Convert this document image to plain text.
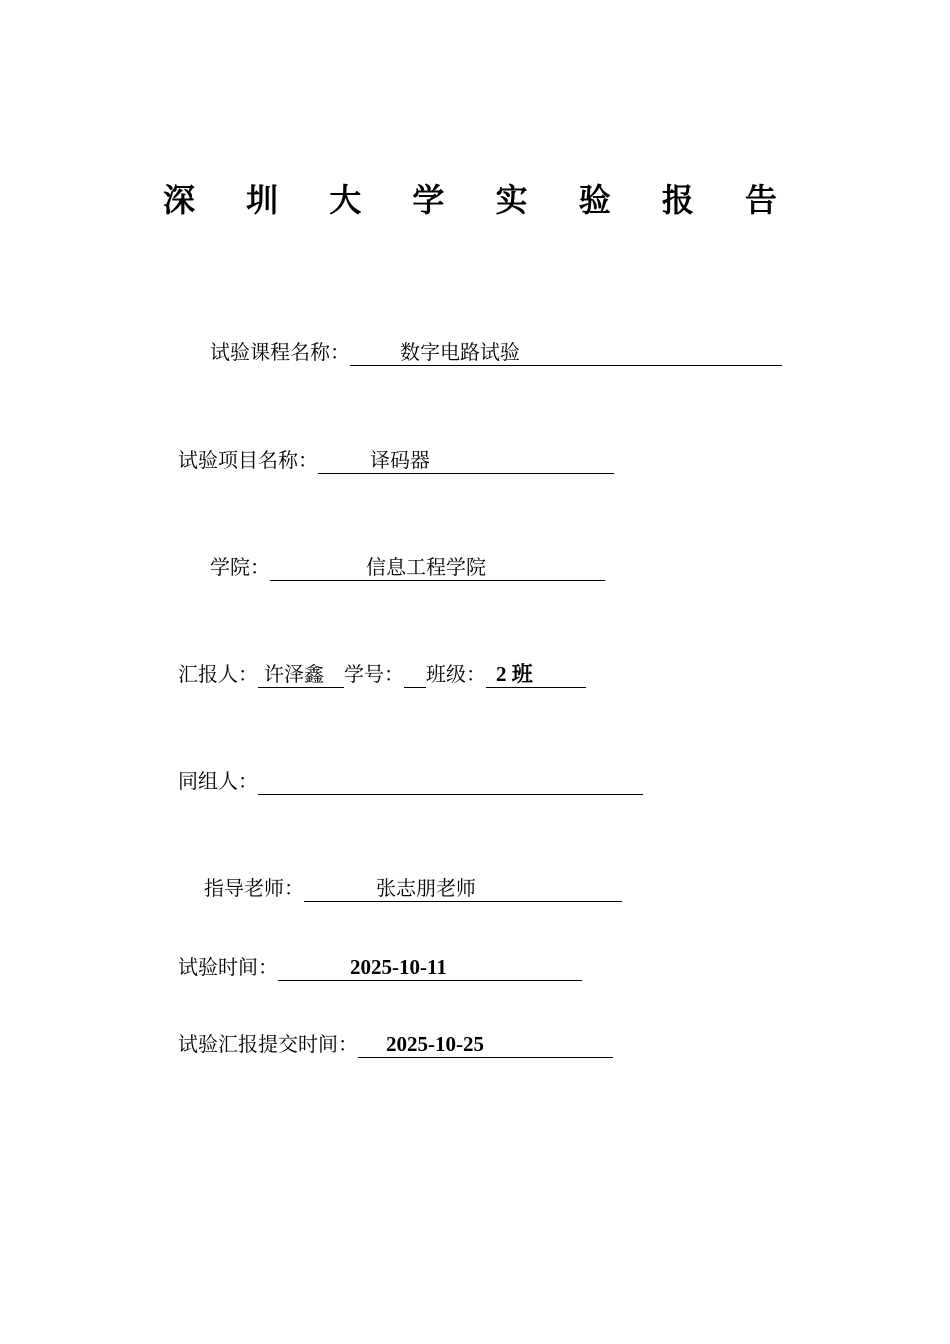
深 圳 大 学 实 验 报 告
试验课程名称：	数字电路试验
试验项目名称：	译码器
学院：	信息工程学院
汇报人： 许泽鑫 学号： 班级： 2 班
同组人：
指导老师：	张志朋老师
试验时间：	2025-10-11
试验汇报提交时间： 2025-10-25
